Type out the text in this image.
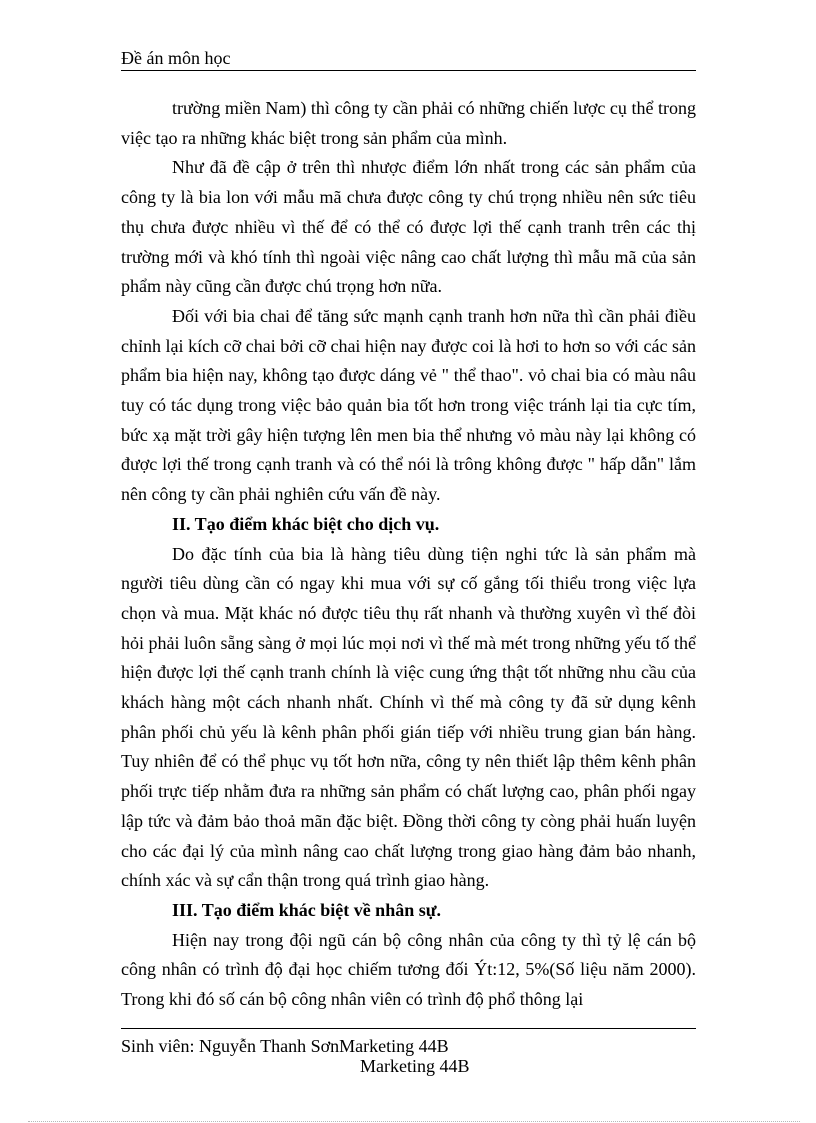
Đề án môn học

trường miền Nam) thì công ty cần phải có những chiến lược cụ thể trong việc tạo ra những khác biệt trong sản phẩm của mình.

Như đã đề cập ở trên thì nhược điểm lớn nhất trong các sản phẩm của công ty là bia lon với mẫu mã chưa được công ty chú trọng nhiều nên sức tiêu thụ chưa được nhiều vì thế để có thể có được lợi thế cạnh tranh trên các thị trường mới và khó tính thì ngoài việc nâng cao chất lượng thì mẫu mã của sản phẩm này cũng cần được chú trọng hơn nữa.

Đối với bia chai để tăng sức mạnh cạnh tranh hơn nữa thì cần phải điều chỉnh lại kích cỡ chai bởi cỡ chai hiện nay được coi là hơi to hơn so với các sản phẩm bia hiện nay, không tạo được dáng vẻ " thể thao". vỏ chai bia có màu nâu tuy có tác dụng trong việc bảo quản bia tốt hơn trong việc tránh lại tia cực tím, bức xạ mặt trời gây hiện tượng lên men bia thể nhưng vỏ màu này lại không có được lợi thế trong cạnh tranh và có thể nói là trông không được " hấp dẫn" lắm nên công ty cần phải nghiên cứu vấn đề này.

II. Tạo điểm khác biệt cho dịch vụ.

Do đặc tính của bia là hàng tiêu dùng tiện nghi tức là sản phẩm mà người tiêu dùng cần có ngay khi mua với sự cố gắng tối thiểu trong việc lựa chọn và mua. Mặt khác nó được tiêu thụ rất nhanh và thường xuyên vì thế đòi hỏi phải luôn sẵng sàng ở mọi lúc mọi nơi vì thế mà mét trong những yếu tố thể hiện được lợi thế cạnh tranh chính là việc cung ứng thật tốt những nhu cầu của khách hàng một cách nhanh nhất. Chính vì thế mà công ty đã sử dụng kênh phân phối chủ yếu là kênh phân phối gián tiếp với nhiều trung gian bán hàng. Tuy nhiên để có thể phục vụ tốt hơn nữa, công ty nên thiết lập thêm kênh phân phối trực tiếp nhằm đưa ra những sản phẩm có chất lượng cao, phân phối ngay lập tức và đảm bảo thoả mãn đặc biệt. Đồng thời công ty còng phải huấn luyện cho các đại lý của mình nâng cao chất lượng trong giao hàng đảm bảo nhanh, chính xác và sự cẩn thận trong quá trình giao hàng.

III. Tạo điểm khác biệt về nhân sự.

Hiện nay trong đội ngũ cán bộ công nhân của công ty thì tỷ lệ cán bộ công nhân có trình độ đại học chiếm tương đối Ýt:12, 5%(Số liệu năm 2000). Trong khi đó số cán bộ công nhân viên có trình độ phổ thông lại

Sinh viên: Nguyễn Thanh SơnMarketing 44B
Marketing 44B
